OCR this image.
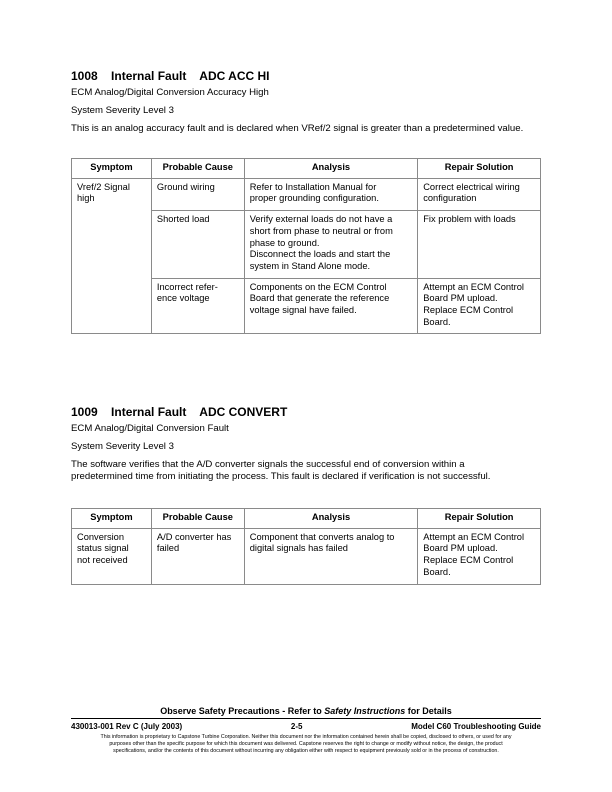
1008 Internal Fault ADC ACC HI

ECM Analog/Digital Conversion Accuracy High

System Severity Level 3

This is an analog accuracy fault and is declared when VRef/2 signal is greater than a predetermined value.

Symptom	Probable Cause	Analysis	Repair Solution

Vref/2 Signal
high	Ground wiring	Refer to Installation Manual for
proper grounding configuration.	Correct electrical wiring
configuration

	Shorted load	Verify external loads do not have a
short from phase to neutral or from
phase to ground.
Disconnect the loads and start the
system in Stand Alone mode.	Fix problem with loads

	Incorrect refer-
ence voltage	Components on the ECM Control
Board that generate the reference
voltage signal have failed.	Attempt an ECM Control
Board PM upload.
Replace ECM Control
Board.

1009 Internal Fault ADC CONVERT

ECM Analog/Digital Conversion Fault

System Severity Level 3

The software verifies that the A/D converter signals the successful end of conversion within a

predetermined time from initiating the process. This fault is declared if verification is not successful.

Symptom	Probable Cause	Analysis	Repair Solution

Conversion
status signal
not received	A/D converter has
failed	Component that converts analog to
digital signals has failed	Attempt an ECM Control
Board PM upload.
Replace ECM Control
Board.
Observe Safety Precautions - Refer to Safety Instructions for Details
430013-001 Rev C (July 2003)	2-5	Model C60 Troubleshooting Guide
This information is proprietary to Capstone Turbine Corporation. Neither this document nor the information contained herein shall be copied, disclosed to others, or used for any
purposes other than the specific purpose for which this document was delivered. Capstone reserves the right to change or modify without notice, the design, the product
specifications, and/or the contents of this document without incurring any obligation either with respect to equipment previously sold or in the process of construction.
